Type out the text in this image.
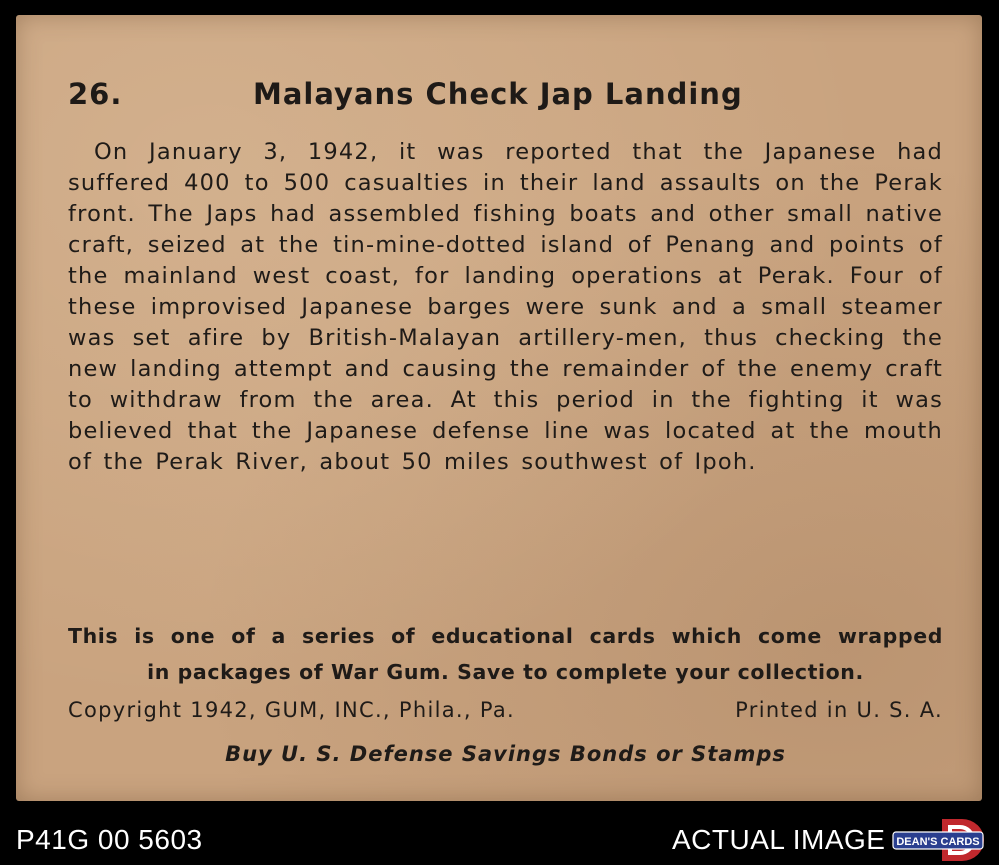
26.	Malayans Check Jap Landing
On January 3, 1942, it was reported that the Japanese had suffered 400 to 500 casualties in their land assaults on the Perak front. The Japs had assembled fishing boats and other small native craft, seized at the tin-mine-dotted island of Penang and points of the mainland west coast, for landing operations at Perak. Four of these improvised Japanese barges were sunk and a small steamer was set afire by British-Malayan artillery-men, thus checking the new landing attempt and causing the remainder of the enemy craft to withdraw from the area. At this period in the fighting it was believed that the Japanese defense line was located at the mouth of the Perak River, about 50 miles southwest of Ipoh.
This is one of a series of educational cards which come wrapped
in packages of War Gum. Save to complete your collection.
Copyright 1942, GUM, INC., Phila., Pa.	Printed in U. S. A.
Buy U. S. Defense Savings Bonds or Stamps
P41G 00 5603	ACTUAL IMAGE DEAN'S CARDS
